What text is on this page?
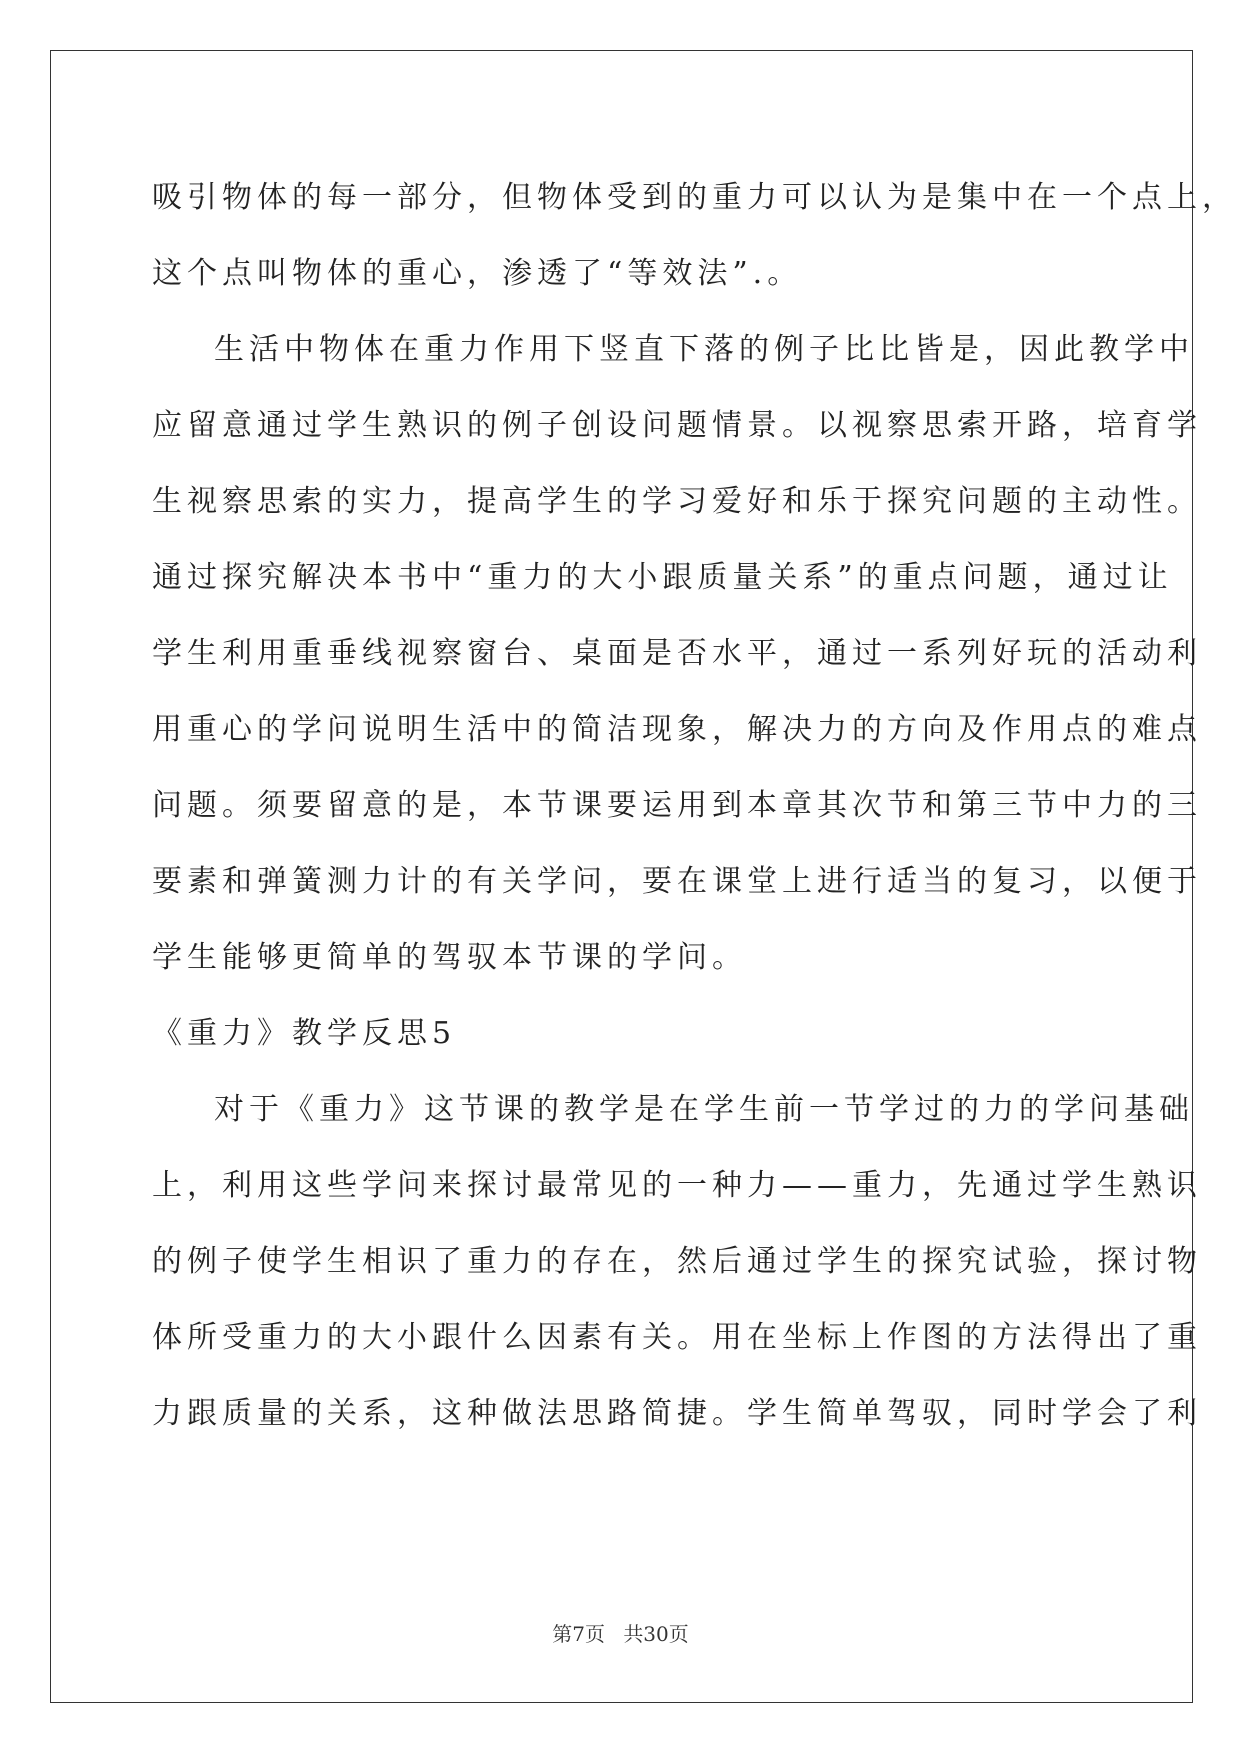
吸引物体的每一部分，但物体受到的重力可以认为是集中在一个点上，
这个点叫物体的重心，渗透了“等效法”.。
生活中物体在重力作用下竖直下落的例子比比皆是，因此教学中
应留意通过学生熟识的例子创设问题情景。以视察思索开路，培育学
生视察思索的实力，提高学生的学习爱好和乐于探究问题的主动性。
通过探究解决本书中“重力的大小跟质量关系”的重点问题，通过让
学生利用重垂线视察窗台、桌面是否水平，通过一系列好玩的活动利
用重心的学问说明生活中的简洁现象，解决力的方向及作用点的难点
问题。须要留意的是，本节课要运用到本章其次节和第三节中力的三
要素和弹簧测力计的有关学问，要在课堂上进行适当的复习，以便于
学生能够更简单的驾驭本节课的学问。
《重力》教学反思5
对于《重力》这节课的教学是在学生前一节学过的力的学问基础
上，利用这些学问来探讨最常见的一种力——重力，先通过学生熟识
的例子使学生相识了重力的存在，然后通过学生的探究试验，探讨物
体所受重力的大小跟什么因素有关。用在坐标上作图的方法得出了重
力跟质量的关系，这种做法思路简捷。学生简单驾驭，同时学会了利
第7页 共30页
